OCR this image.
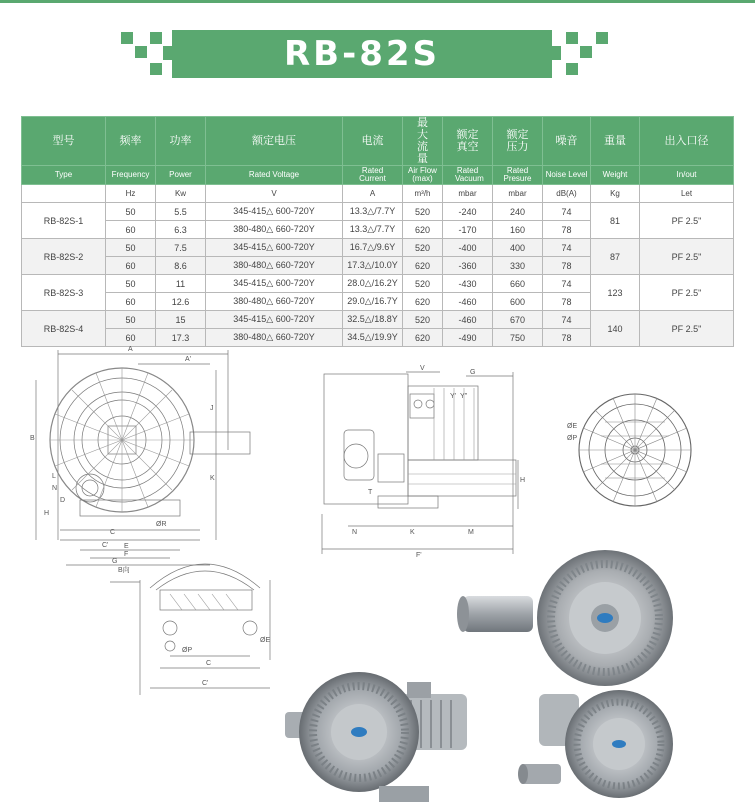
RB-82S
型号	频率	功率	额定电压	电流	最大流量	额定真空	额定压力	噪音	重量	出入口径
Type	Frequency	Power	Rated Voltage	Rated Current	Air Flow (max)	Rated Vacuum	Rated Presure	Noise Level	Weight	In/out
	Hz	Kw	V	A	m³/h	mbar	mbar	dB(A)	Kg	Let
RB-82S-1	50	5.5	345-415△ 600-720Y	13.3△/7.7Y	520	-240	240	74	81	PF 2.5"
	60	6.3	380-480△ 660-720Y	13.3△/7.7Y	620	-170	160	78		
RB-82S-2	50	7.5	345-415△ 600-720Y	16.7△/9.6Y	520	-400	400	74	87	PF 2.5"
	60	8.6	380-480△ 660-720Y	17.3△/10.0Y	620	-360	330	78		
RB-82S-3	50	11	345-415△ 600-720Y	28.0△/16.2Y	520	-430	660	74	123	PF 2.5"
	60	12.6	380-480△ 660-720Y	29.0△/16.7Y	620	-460	600	78		
RB-82S-4	50	15	345-415△ 600-720Y	32.5△/18.8Y	520	-460	670	74	140	PF 2.5"
	60	17.3	380-480△ 660-720Y	34.5△/19.9Y	620	-490	750	78		
A
A'
J
B
K
L
N
D
H
ØR
C
C' E
F
G
V
G
Y' Y''
T
H
N	K	M
F'
ØE
ØP
B向
ØE
ØP
C
C'
